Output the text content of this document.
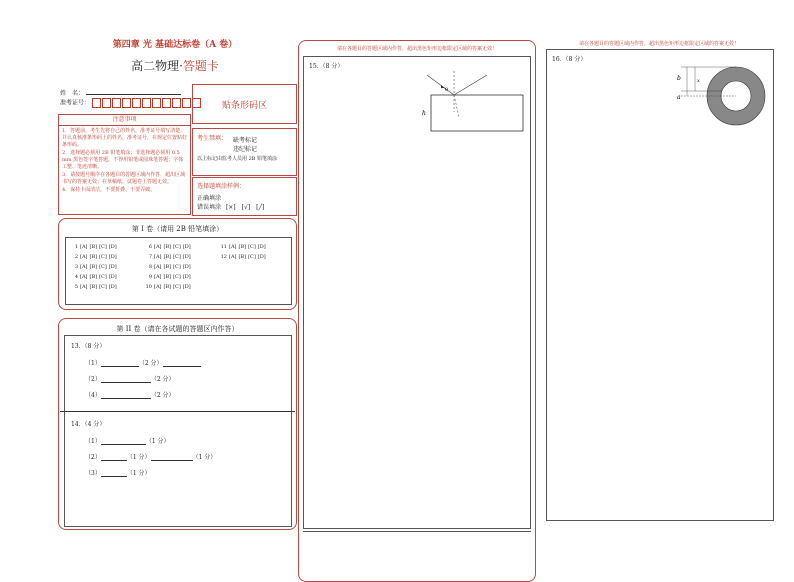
第四章 光 基础达标卷（A 卷）
高二物理·答题卡
姓　名：
准考证号：	贴条形码区
注意事项
1．答题前，考生先将自己的姓名，准考证号填写清楚，并认真核准条形码上的姓名、准考证号，在规定位置贴好条形码。
2．选择题必须用 2B 铅笔填涂；非选择题必须用 0.5 mm 黑色签字笔答题，不得用铅笔或圆珠笔答题；字体工整、笔迹清晰。
3．请按题号顺序在各题目的答题区域内作答，超出区域书写的答案无效；在草稿纸、试题卷上答题无效。
4．保持卡面清洁，不要折叠、不要弄破。
考生禁填： 缺考标记
违纪标记
以上标记由监考人员用 2B 铅笔填涂
选择题填涂样例：
正确填涂
错误填涂 [×]　[√]　[╱]
第 I 卷（请用 2B 铅笔填涂）
1 [A] [B] [C] [D]
2 [A] [B] [C] [D]
3 [A] [B] [C] [D]
4 [A] [B] [C] [D]
5 [A] [B] [C] [D]
6 [A] [B] [C] [D]
7 [A] [B] [C] [D]
8 [A] [B] [C] [D]
9 [A] [B] [C] [D]
10 [A] [B] [C] [D]
11 [A] [B] [C] [D]
12 [A] [B] [C] [D]
第 II 卷（请在各试题的答题区内作答）
13．（8 分）
（1）	（2 分）
（2）	（2 分）
（4）	（2 分）
14．（4 分）
（1）	（1 分）
（2）	（1 分）	（1 分）
（3）	（1 分）
请在各题目的答题区域内作答，超出黑色矩形边框限定区域的答案无效！
15．（8 分）
θ
h
请在各题目的答题区域内作答，超出黑色矩形边框限定区域的答案无效！
16．（8 分）
b	x
a
